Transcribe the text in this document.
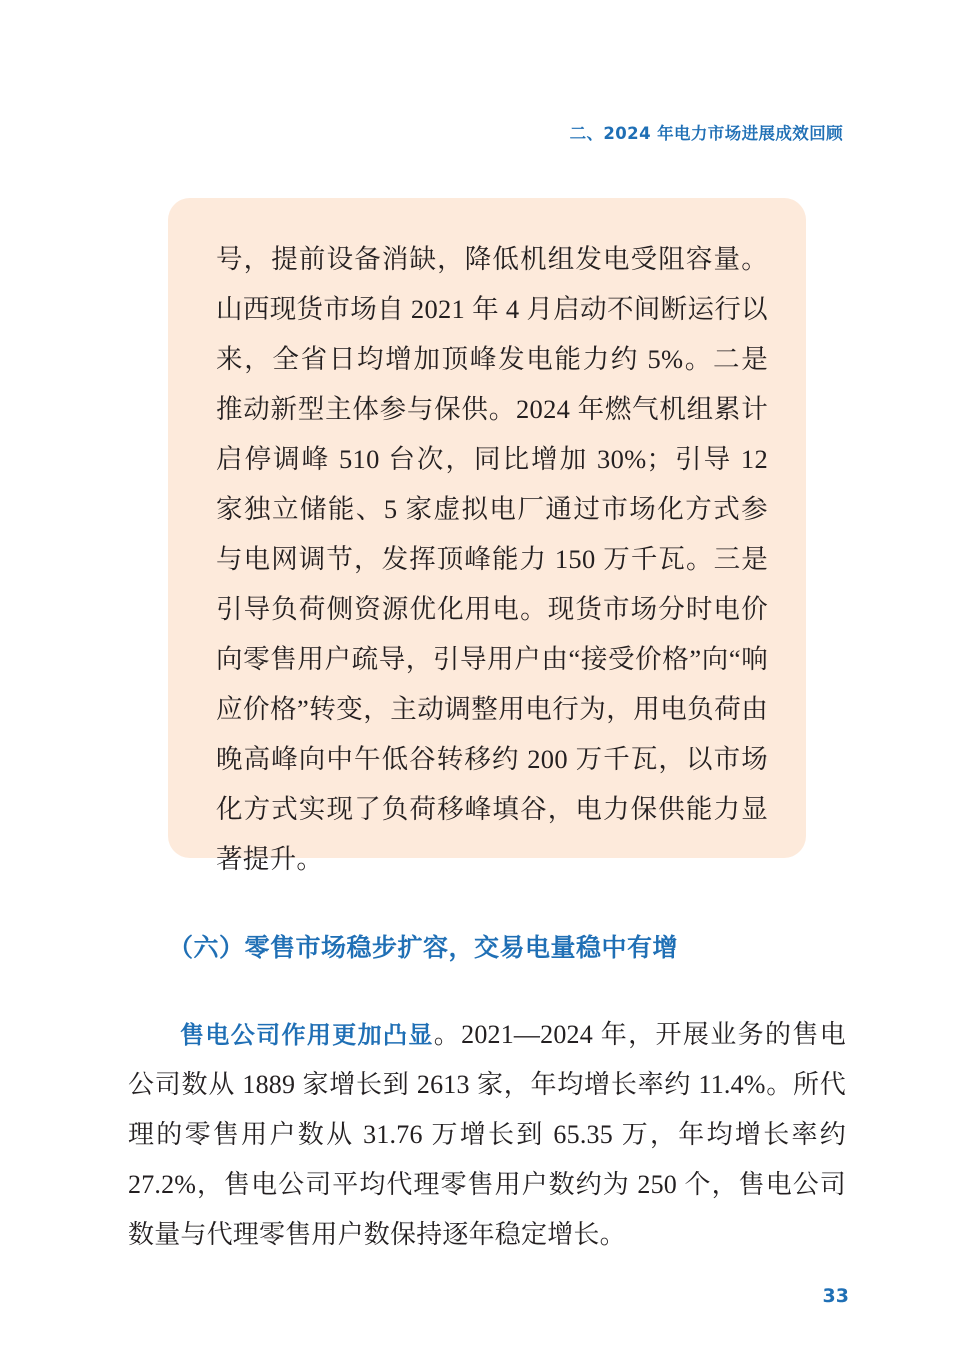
二、2024 年电力市场进展成效回顾
号，提前设备消缺，降低机组发电受阻容量。山西现货市场自 2021 年 4 月启动不间断运行以来，全省日均增加顶峰发电能力约 5%。二是推动新型主体参与保供。2024 年燃气机组累计启停调峰 510 台次，同比增加 30%；引导 12 家独立储能、5 家虚拟电厂通过市场化方式参与电网调节，发挥顶峰能力 150 万千瓦。三是引导负荷侧资源优化用电。现货市场分时电价向零售用户疏导，引导用户由“接受价格”向“响应价格”转变，主动调整用电行为，用电负荷由晚高峰向中午低谷转移约 200 万千瓦，以市场化方式实现了负荷移峰填谷，电力保供能力显著提升。
（六）零售市场稳步扩容，交易电量稳中有增
售电公司作用更加凸显。2021—2024 年，开展业务的售电公司数从 1889 家增长到 2613 家，年均增长率约 11.4%。所代理的零售用户数从 31.76 万增长到 65.35 万，年均增长率约 27.2%，售电公司平均代理零售用户数约为 250 个，售电公司数量与代理零售用户数保持逐年稳定增长。
33
